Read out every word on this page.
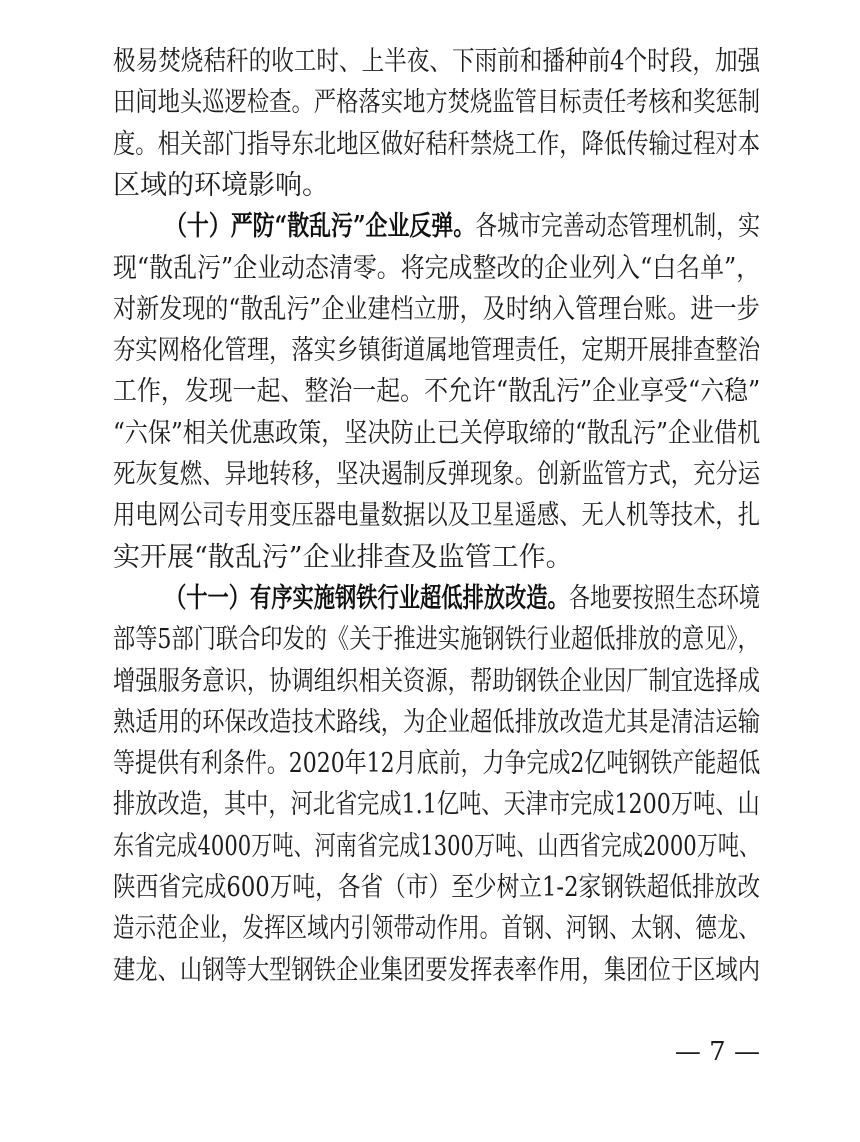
极易焚烧秸秆的收工时、上半夜、下雨前和播种前4个时段，加强

田间地头巡逻检查。严格落实地方焚烧监管目标责任考核和奖惩制

度。相关部门指导东北地区做好秸秆禁烧工作，降低传输过程对本

区域的环境影响。

（十）严防“散乱污”企业反弹。各城市完善动态管理机制，实

现“散乱污”企业动态清零。将完成整改的企业列入“白名单”，

对新发现的“散乱污”企业建档立册，及时纳入管理台账。进一步

夯实网格化管理，落实乡镇街道属地管理责任，定期开展排查整治

工作，发现一起、整治一起。不允许“散乱污”企业享受“六稳”

“六保”相关优惠政策，坚决防止已关停取缔的“散乱污”企业借机

死灰复燃、异地转移，坚决遏制反弹现象。创新监管方式，充分运

用电网公司专用变压器电量数据以及卫星遥感、无人机等技术，扎

实开展“散乱污”企业排查及监管工作。

（十一）有序实施钢铁行业超低排放改造。各地要按照生态环境

部等5部门联合印发的《关于推进实施钢铁行业超低排放的意见》，

增强服务意识，协调组织相关资源，帮助钢铁企业因厂制宜选择成

熟适用的环保改造技术路线，为企业超低排放改造尤其是清洁运输

等提供有利条件。2020年12月底前，力争完成2亿吨钢铁产能超低

排放改造，其中，河北省完成1.1亿吨、天津市完成1200万吨、山

东省完成4000万吨、河南省完成1300万吨、山西省完成2000万吨、

陕西省完成600万吨，各省（市）至少树立1-2家钢铁超低排放改

造示范企业，发挥区域内引领带动作用。首钢、河钢、太钢、德龙、

建龙、山钢等大型钢铁企业集团要发挥表率作用，集团位于区域内

— 7 —
